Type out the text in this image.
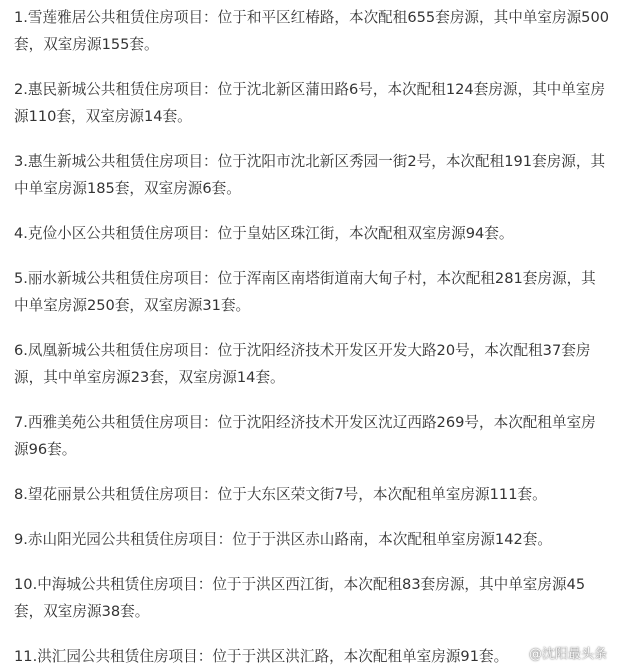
1.雪莲雅居公共租赁住房项目：位于和平区红椿路，本次配租655套房源，其中单室房源500套，双室房源155套。

2.惠民新城公共租赁住房项目：位于沈北新区蒲田路6号，本次配租124套房源，其中单室房源110套，双室房源14套。

3.惠生新城公共租赁住房项目：位于沈阳市沈北新区秀园一街2号，本次配租191套房源，其中单室房源185套，双室房源6套。

4.克俭小区公共租赁住房项目：位于皇姑区珠江街，本次配租双室房源94套。

5.丽水新城公共租赁住房项目：位于浑南区南塔街道南大甸子村，本次配租281套房源，其中单室房源250套，双室房源31套。

6.凤凰新城公共租赁住房项目：位于沈阳经济技术开发区开发大路20号，本次配租37套房源，其中单室房源23套，双室房源14套。

7.西雅美苑公共租赁住房项目：位于沈阳经济技术开发区沈辽西路269号，本次配租单室房源96套。

8.望花丽景公共租赁住房项目：位于大东区荣文街7号，本次配租单室房源111套。

9.赤山阳光园公共租赁住房项目：位于于洪区赤山路南，本次配租单室房源142套。

10.中海城公共租赁住房项目：位于于洪区西江街，本次配租83套房源，其中单室房源45套，双室房源38套。

11.洪汇园公共租赁住房项目：位于于洪区洪汇路，本次配租单室房源91套。	@沈阳最头条
